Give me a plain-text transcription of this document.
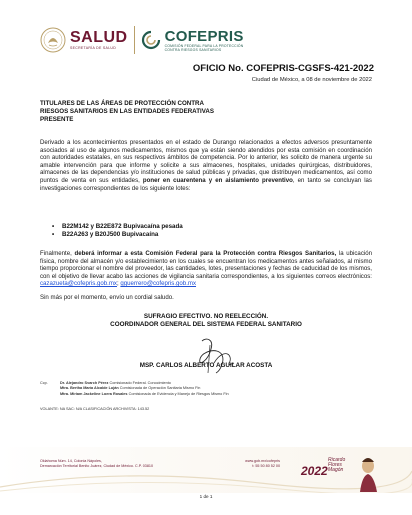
SALUD
SECRETARÍA DE SALUD
COFEPRIS
COMISIÓN FEDERAL PARA LA PROTECCIÓN
CONTRA RIESGOS SANITARIOS
OFICIO No. COFEPRIS-CGSFS-421-2022
Ciudad de México, a 08 de noviembre de 2022
TITULARES DE LAS ÁREAS DE PROTECCIÓN CONTRA
RIESGOS SANITARIOS EN LAS ENTIDADES FEDERATIVAS
PRESENTE

Derivado a los acontecimientos presentados en el estado de Durango relacionados a efectos adversos presuntamente asociados al uso de algunos medicamentos, mismos que ya están siendo atendidos por esta comisión en coordinación con autoridades estatales, en sus respectivos ámbitos de competencia. Por lo anterior, les solicito de manera urgente su amable intervención para que informe y solicite a sus almacenes, hospitales, unidades quirúrgicas, distribuidores, almacenes de las dependencias y/o instituciones de salud públicas y privadas, que distribuyen medicamentos, así como puntos de venta en sus entidades, poner en cuarentena y en aislamiento preventivo, en tanto se concluyan las investigaciones correspondientes de los siguiente lotes:

• B22M142 y B22E872 Bupivacaína pesada
• B22A263 y B20J500 Bupivacaína

Finalmente, deberá informar a esta Comisión Federal para la Protección contra Riesgos Sanitarios, la ubicación física, nombre del almacén y/o establecimiento en los cuales se encuentran los medicamentos antes señalados, al mismo tiempo proporcionar el nombre del proveedor, las cantidades, lotes, presentaciones y fechas de caducidad de los mismos, con el objetivo de llevar acabo las acciones de vigilancia sanitaria correspondientes, a los siguientes correos electrónicos: cazazueta@cofepris.gob.mx; gguerrero@cofepris.gob.mx

Sin más por el momento, envío un cordial saludo.

SUFRAGIO EFECTIVO. NO REELECCIÓN.
COORDINADOR GENERAL DEL SISTEMA FEDERAL SANITARIO
MSP. CARLOS ALBERTO AGUILAR ACOSTA
Ccp.	Dr. Alejandro Svarch Pérez Comisionado Federal. Conocimiento
Mtra. Bertha María Alcalde Luján Comisionada de Operación Sanitaria Mismo Fin
Mtra. Miriam Jackeline Loera Rosales Comisionada de Evidencia y Manejo de Riesgos Mismo Fin
VOLANTE: NA SAC: N/A CLASIFICACIÓN ARCHIVISTA: 143.52
Oklahoma Núm. 14, Colonia Nápoles,
Demarcación Territorial Benito Juárez, Ciudad de México. C.P. 03810
www.gob.mx/cofepris
t: 55 50 80 52 00 2022
Ricardo
Flores
Magón
1 de 1
